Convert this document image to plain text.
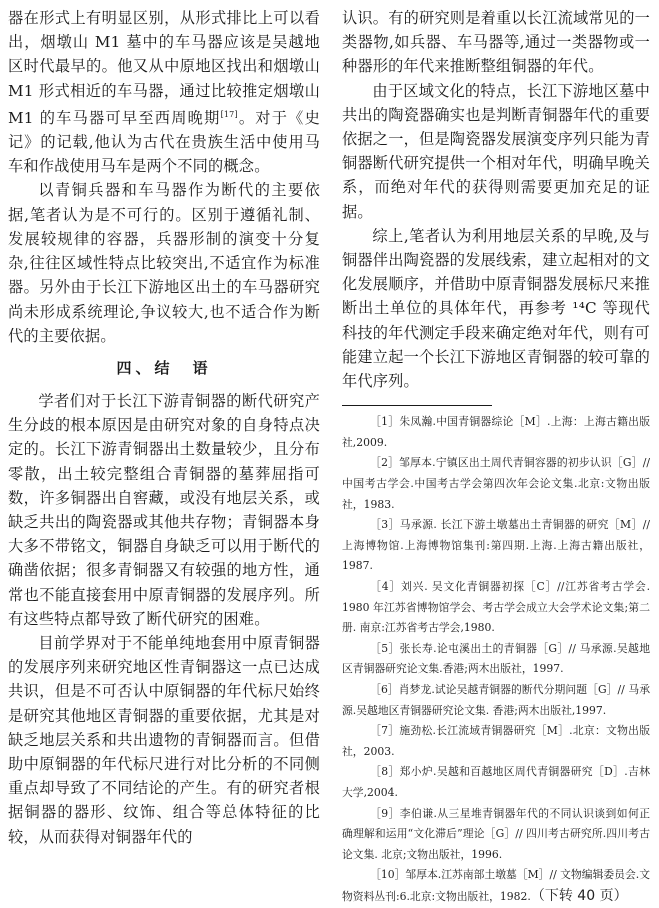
器在形式上有明显区别，从形式排比上可以看出，烟墩山 M1 墓中的车马器应该是吴越地区时代最早的。他又从中原地区找出和烟墩山 M1 形式相近的车马器，通过比较推定烟墩山 M1 的车马器可早至西周晚期[17]。对于《史记》的记载,他认为古代在贵族生活中使用马车和作战使用马车是两个不同的概念。

以青铜兵器和车马器作为断代的主要依据,笔者认为是不可行的。区别于遵循礼制、发展较规律的容器，兵器形制的演变十分复杂,往往区域性特点比较突出,不适宜作为标准器。另外由于长江下游地区出土的车马器研究尚未形成系统理论,争议较大,也不适合作为断代的主要依据。

四、结　语

学者们对于长江下游青铜器的断代研究产生分歧的根本原因是由研究对象的自身特点决定的。长江下游青铜器出土数量较少，且分布零散，出土较完整组合青铜器的墓葬屈指可数，许多铜器出自窖藏，或没有地层关系，或缺乏共出的陶瓷器或其他共存物；青铜器本身大多不带铭文，铜器自身缺乏可以用于断代的确凿依据；很多青铜器又有较强的地方性，通常也不能直接套用中原青铜器的发展序列。所有这些特点都导致了断代研究的困难。

目前学界对于不能单纯地套用中原青铜器的发展序列来研究地区性青铜器这一点已达成共识，但是不可否认中原铜器的年代标尺始终是研究其他地区青铜器的重要依据，尤其是对缺乏地层关系和共出遗物的青铜器而言。但借助中原铜器的年代标尺进行对比分析的不同侧重点却导致了不同结论的产生。有的研究者根据铜器的器形、纹饰、组合等总体特征的比较，从而获得对铜器年代的

认识。有的研究则是着重以长江流域常见的一类器物,如兵器、车马器等,通过一类器物或一种器形的年代来推断整组铜器的年代。

由于区域文化的特点，长江下游地区墓中共出的陶瓷器确实也是判断青铜器年代的重要依据之一，但是陶瓷器发展演变序列只能为青铜器断代研究提供一个相对年代，明确早晚关系，而绝对年代的获得则需要更加充足的证据。

综上,笔者认为利用地层关系的早晚,及与铜器伴出陶瓷器的发展线索，建立起相对的文化发展顺序，并借助中原青铜器发展标尺来推断出土单位的具体年代，再参考 ¹⁴C 等现代科技的年代测定手段来确定绝对年代，则有可能建立起一个长江下游地区青铜器的较可靠的年代序列。

［1］朱凤瀚.中国青铜器综论［M］.上海：上海古籍出版社,2009.

［2］邹厚本.宁镇区出土周代青铜容器的初步认识［G］//中国考古学会.中国考古学会第四次年会论文集.北京:文物出版社，1983.

［3］马承源. 长江下游土墩墓出土青铜器的研究［M］//上海博物馆.上海博物馆集刊:第四期.上海.上海古籍出版社，1987.

［4］刘兴. 吴文化青铜器初探［C］//江苏省考古学会. 1980 年江苏省博物馆学会、考古学会成立大会学术论文集;第二册. 南京:江苏省考古学会,1980.

［5］张长寿.论屯溪出土的青铜器［G］// 马承源.吴越地区青铜器研究论文集.香港;两木出版社，1997.

［6］肖梦龙.试论吴越青铜器的断代分期问题［G］// 马承源.吴越地区青铜器研究论文集. 香港;两木出版社,1997.

［7］施劲松.长江流域青铜器研究［M］.北京：文物出版社，2003.

［8］郑小炉.吴越和百越地区周代青铜器研究［D］.吉林大学,2004.

［9］李伯谦.从三星堆青铜器年代的不同认识谈到如何正确理解和运用“文化滞后”理论［G］// 四川考古研究所.四川考古论文集. 北京;文物出版社，1996.

［10］邹厚本.江苏南部土墩墓［M］// 文物编辑委员会.文物资料丛刊:6.北京:文物出版社，1982.（下转 40 页）
